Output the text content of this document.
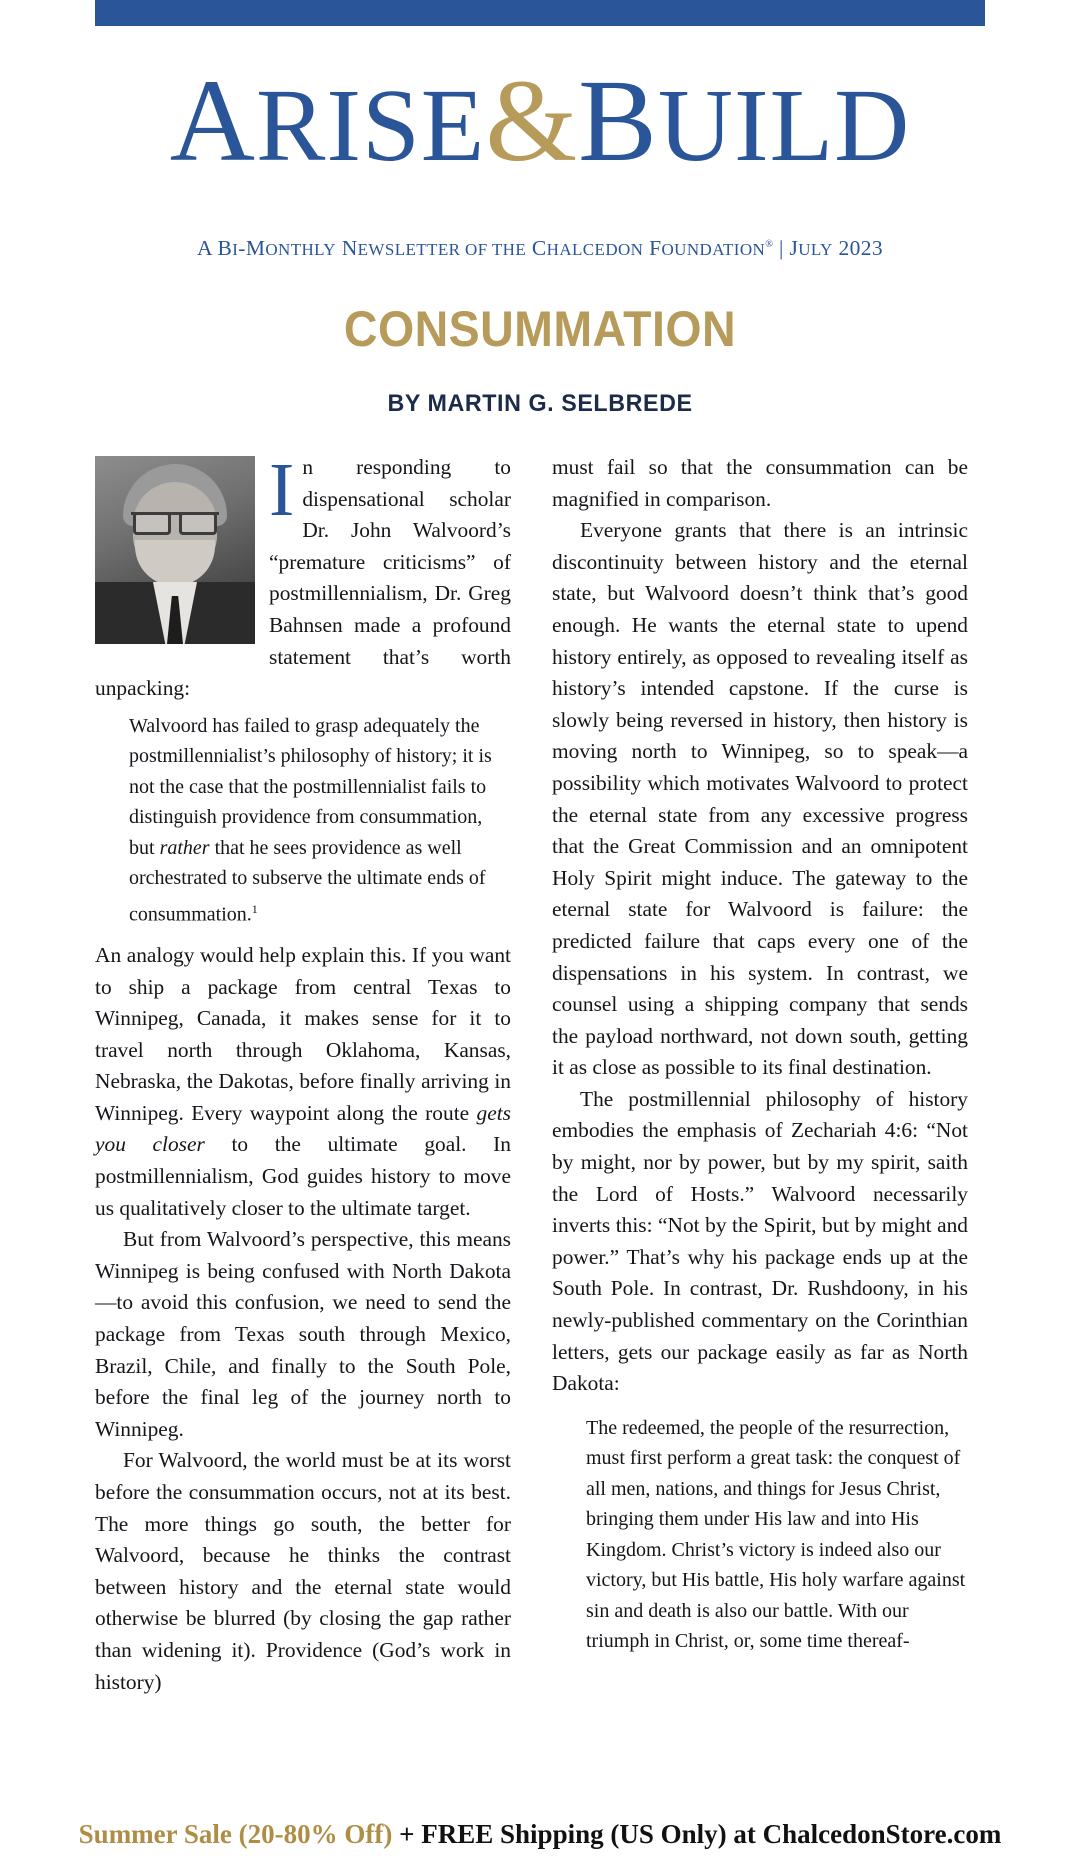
ARISE&BUILD
A BI-MONTHLY NEWSLETTER OF THE CHALCEDON FOUNDATION® | JULY 2023
CONSUMMATION
BY MARTIN G. SELBREDE
I n responding to dispensational scholar Dr. John Walvoord’s “premature criticisms” of postmillennialism, Dr. Greg Bahnsen made a profound statement that’s worth unpacking:

Walvoord has failed to grasp adequately the postmillennialist’s philosophy of history; it is not the case that the postmillennialist fails to distinguish providence from consummation, but rather that he sees providence as well orchestrated to subserve the ultimate ends of consummation.$^1$

An analogy would help explain this. If you want to ship a package from central Texas to Winnipeg, Canada, it makes sense for it to travel north through Oklahoma, Kansas, Nebraska, the Dakotas, before finally arriving in Winnipeg. Every waypoint along the route gets you closer to the ultimate goal. In postmillennialism, God guides history to move us qualitatively closer to the ultimate target.

But from Walvoord’s perspective, this means Winnipeg is being confused with North Dakota—to avoid this confusion, we need to send the package from Texas south through Mexico, Brazil, Chile, and finally to the South Pole, before the final leg of the journey north to Winnipeg.

For Walvoord, the world must be at its worst before the consummation occurs, not at its best. The more things go south, the better for Walvoord, because he thinks the contrast between history and the eternal state would otherwise be blurred (by closing the gap rather than widening it). Providence (God’s work in history)

must fail so that the consummation can be magnified in comparison.

Everyone grants that there is an intrinsic discontinuity between history and the eternal state, but Walvoord doesn’t think that’s good enough. He wants the eternal state to upend history entirely, as opposed to revealing itself as history’s intended capstone. If the curse is slowly being reversed in history, then history is moving north to Winnipeg, so to speak—a possibility which motivates Walvoord to protect the eternal state from any excessive progress that the Great Commission and an omnipotent Holy Spirit might induce. The gateway to the eternal state for Walvoord is failure: the predicted failure that caps every one of the dispensations in his system. In contrast, we counsel using a shipping company that sends the payload northward, not down south, getting it as close as possible to its final destination.

The postmillennial philosophy of history embodies the emphasis of Zechariah 4:6: “Not by might, nor by power, but by my spirit, saith the Lord of Hosts.” Walvoord necessarily inverts this: “Not by the Spirit, but by might and power.” That’s why his package ends up at the South Pole. In contrast, Dr. Rushdoony, in his newly-published commentary on the Corinthian letters, gets our package easily as far as North Dakota:

The redeemed, the people of the resurrection, must first perform a great task: the conquest of all men, nations, and things for Jesus Christ, bringing them under His law and into His Kingdom. Christ’s victory is indeed also our victory, but His battle, His holy warfare against sin and death is also our battle. With our triumph in Christ, or, some time thereaf-
Summer Sale (20-80% Off) + FREE Shipping (US Only) at ChalcedonStore.com
